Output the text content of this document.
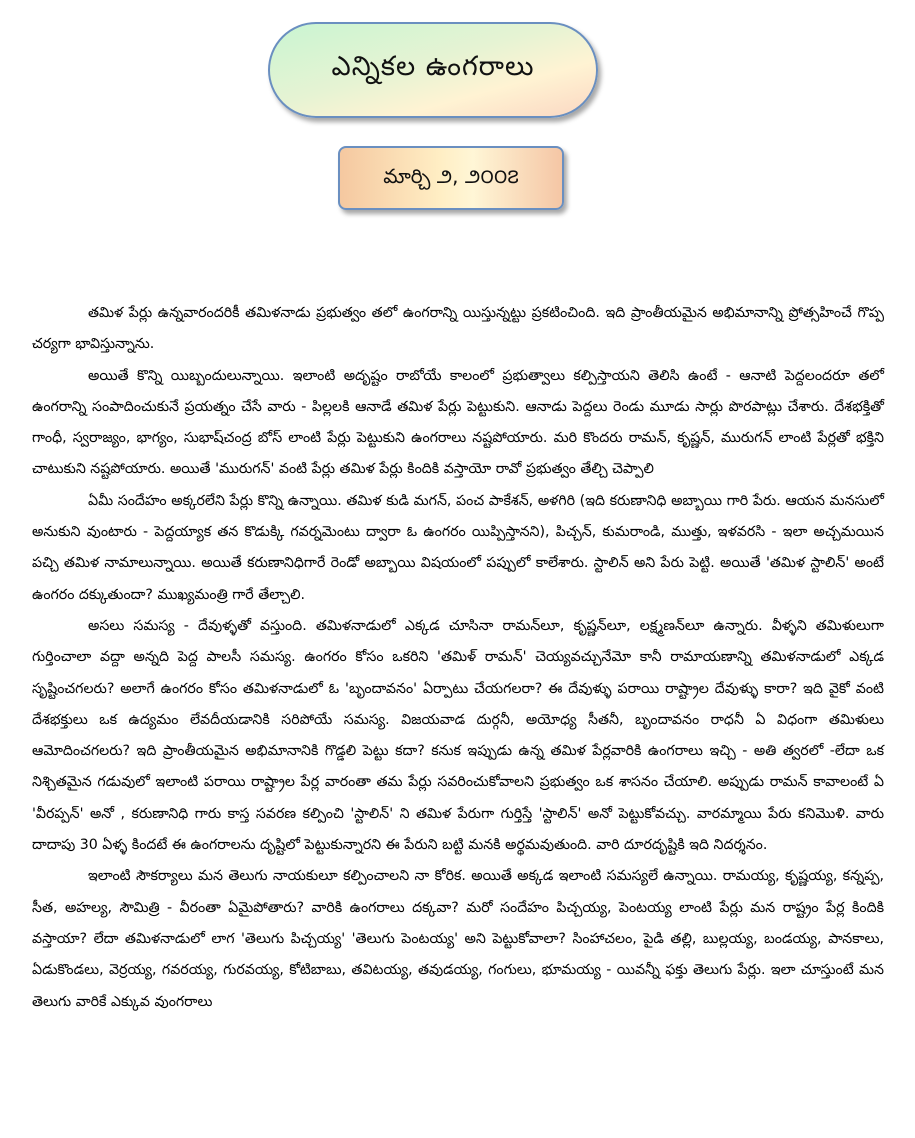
ఎన్నికల ఉంగరాలు
మార్చి ౨, ౨౦౦౭

తమిళ పేర్లు ఉన్నవారందరికీ తమిళనాడు ప్రభుత్వం తలో ఉంగరాన్ని యిస్తున్నట్టు ప్రకటించింది. ఇది ప్రాంతీయమైన అభిమానాన్ని ప్రోత్సహించే గొప్ప చర్యగా భావిస్తున్నాను.

అయితే కొన్ని యిబ్బందులున్నాయి. ఇలాంటి అదృష్టం రాబోయే కాలంలో ప్రభుత్వాలు కల్పిస్తాయని తెలిసి ఉంటే - ఆనాటి పెద్దలందరూ తలో ఉంగరాన్ని సంపాదించుకునే ప్రయత్నం చేసే వారు - పిల్లలకి ఆనాడే తమిళ పేర్లు పెట్టుకుని. ఆనాడు పెద్దలు రెండు మూడు సార్లు పొరపాట్లు చేశారు. దేశభక్తితో గాంధీ, స్వరాజ్యం, భాగ్యం, సుభాష్‌చంద్ర బోస్ లాంటి పేర్లు పెట్టుకుని ఉంగరాలు నష్టపోయారు. మరి కొందరు రామన్, కృష్ణన్, మురుగన్ లాంటి పేర్లతో భక్తిని చాటుకుని నష్టపోయారు. అయితే 'మురుగన్' వంటి పేర్లు తమిళ పేర్లు కిందికి వస్తాయో రావో ప్రభుత్వం తేల్చి చెప్పాలి

ఏమీ సందేహం అక్కరలేని పేర్లు కొన్ని ఉన్నాయి. తమిళ కుడి మగన్, పంచ పాకేశన్, అళగిరి (ఇది కరుణానిధి అబ్బాయి గారి పేరు. ఆయన మనసులో అనుకుని వుంటారు - పెద్దయ్యాక తన కొడుక్కి గవర్నమెంటు ద్వారా ఓ ఉంగరం యిప్పిస్తానని), పిచ్చన్, కుమరాండి, ముత్తు, ఇళవరసి - ఇలా అచ్చమయిన పచ్చి తమిళ నామాలున్నాయి. అయితే కరుణానిధిగారే రెండో అబ్బాయి విషయంలో పప్పులో కాలేశారు. స్టాలిన్ అని పేరు పెట్టి. అయితే 'తమిళ స్టాలిన్' అంటే ఉంగరం దక్కుతుందా? ముఖ్యమంత్రి గారే తేల్చాలి.

అసలు సమస్య - దేవుళ్ళతో వస్తుంది. తమిళనాడులో ఎక్కడ చూసినా రామన్‌లూ, కృష్ణన్‌లూ, లక్ష్మణన్‌లూ ఉన్నారు. వీళ్ళని తమిళులుగా గుర్తించాలా వద్దా అన్నది పెద్ద పాలసీ సమస్య. ఉంగరం కోసం ఒకరిని 'తమిళ్ రామన్' చెయ్యవచ్చునేమో కానీ రామాయణాన్ని తమిళనాడులో ఎక్కడ సృష్టించగలరు? అలాగే ఉంగరం కోసం తమిళనాడులో ఓ 'బృందావనం' ఏర్పాటు చేయగలరా? ఈ దేవుళ్ళు పరాయి రాష్ట్రాల దేవుళ్ళు కారా? ఇది వైకో వంటి దేశభక్తులు ఒక ఉద్యమం లేవదీయడానికి సరిపోయే సమస్య. విజయవాడ దుర్గనీ, అయోధ్య సీతనీ, బృందావనం రాధనీ ఏ విధంగా తమిళులు ఆమోదించగలరు? ఇది ప్రాంతీయమైన అభిమానానికి గొడ్డలి పెట్టు కదా? కనుక ఇప్పుడు ఉన్న తమిళ పేర్లవారికి ఉంగరాలు ఇచ్చి - అతి త్వరలో -లేదా ఒక నిశ్చితమైన గడువులో ఇలాంటి పరాయి రాష్ట్రాల పేర్ల వారంతా తమ పేర్లు సవరించుకోవాలని ప్రభుత్వం ఒక శాసనం చేయాలి. అప్పుడు రామన్ కావాలంటే ఏ 'వీరప్పన్' అనో , కరుణానిధి గారు కాస్త సవరణ కల్పించి 'స్టాలిన్' ని తమిళ పేరుగా గుర్తిస్తే 'స్టాలిన్' అనో పెట్టుకోవచ్చు. వారమ్మాయి పేరు కనిమొళి. వారు దాదాపు 30 ఏళ్ళ కిందటే ఈ ఉంగరాలను దృష్టిలో పెట్టుకున్నారని ఈ పేరుని బట్టి మనకి అర్థమవుతుంది. వారి దూరదృష్టికి ఇది నిదర్శనం.

ఇలాంటి సౌకర్యాలు మన తెలుగు నాయకులూ కల్పించాలని నా కోరిక. అయితే అక్కడ ఇలాంటి సమస్యలే ఉన్నాయి. రామయ్య, కృష్ణయ్య, కన్నప్ప, సీత, అహల్య, సౌమిత్రి - వీరంతా ఏమైపోతారు? వారికి ఉంగరాలు దక్కవా? మరో సందేహం పిచ్చయ్య, పెంటయ్య లాంటి పేర్లు మన రాష్ట్రం పేర్ల కిందికి వస్తాయా? లేదా తమిళనాడులో లాగ 'తెలుగు పిచ్చయ్య' 'తెలుగు పెంటయ్య' అని పెట్టుకోవాలా? సింహాచలం, పైడి తల్లి, బుల్లయ్య, బండయ్య, పానకాలు, ఏడుకొండలు, వెర్రయ్య, గవరయ్య, గురవయ్య, కోటిబాబు, తవిటయ్య, తవుడయ్య, గంగులు, భూమయ్య - యివన్నీ ఫక్తు తెలుగు పేర్లు. ఇలా చూస్తుంటే మన తెలుగు వారికే ఎక్కువ వుంగరాలు
